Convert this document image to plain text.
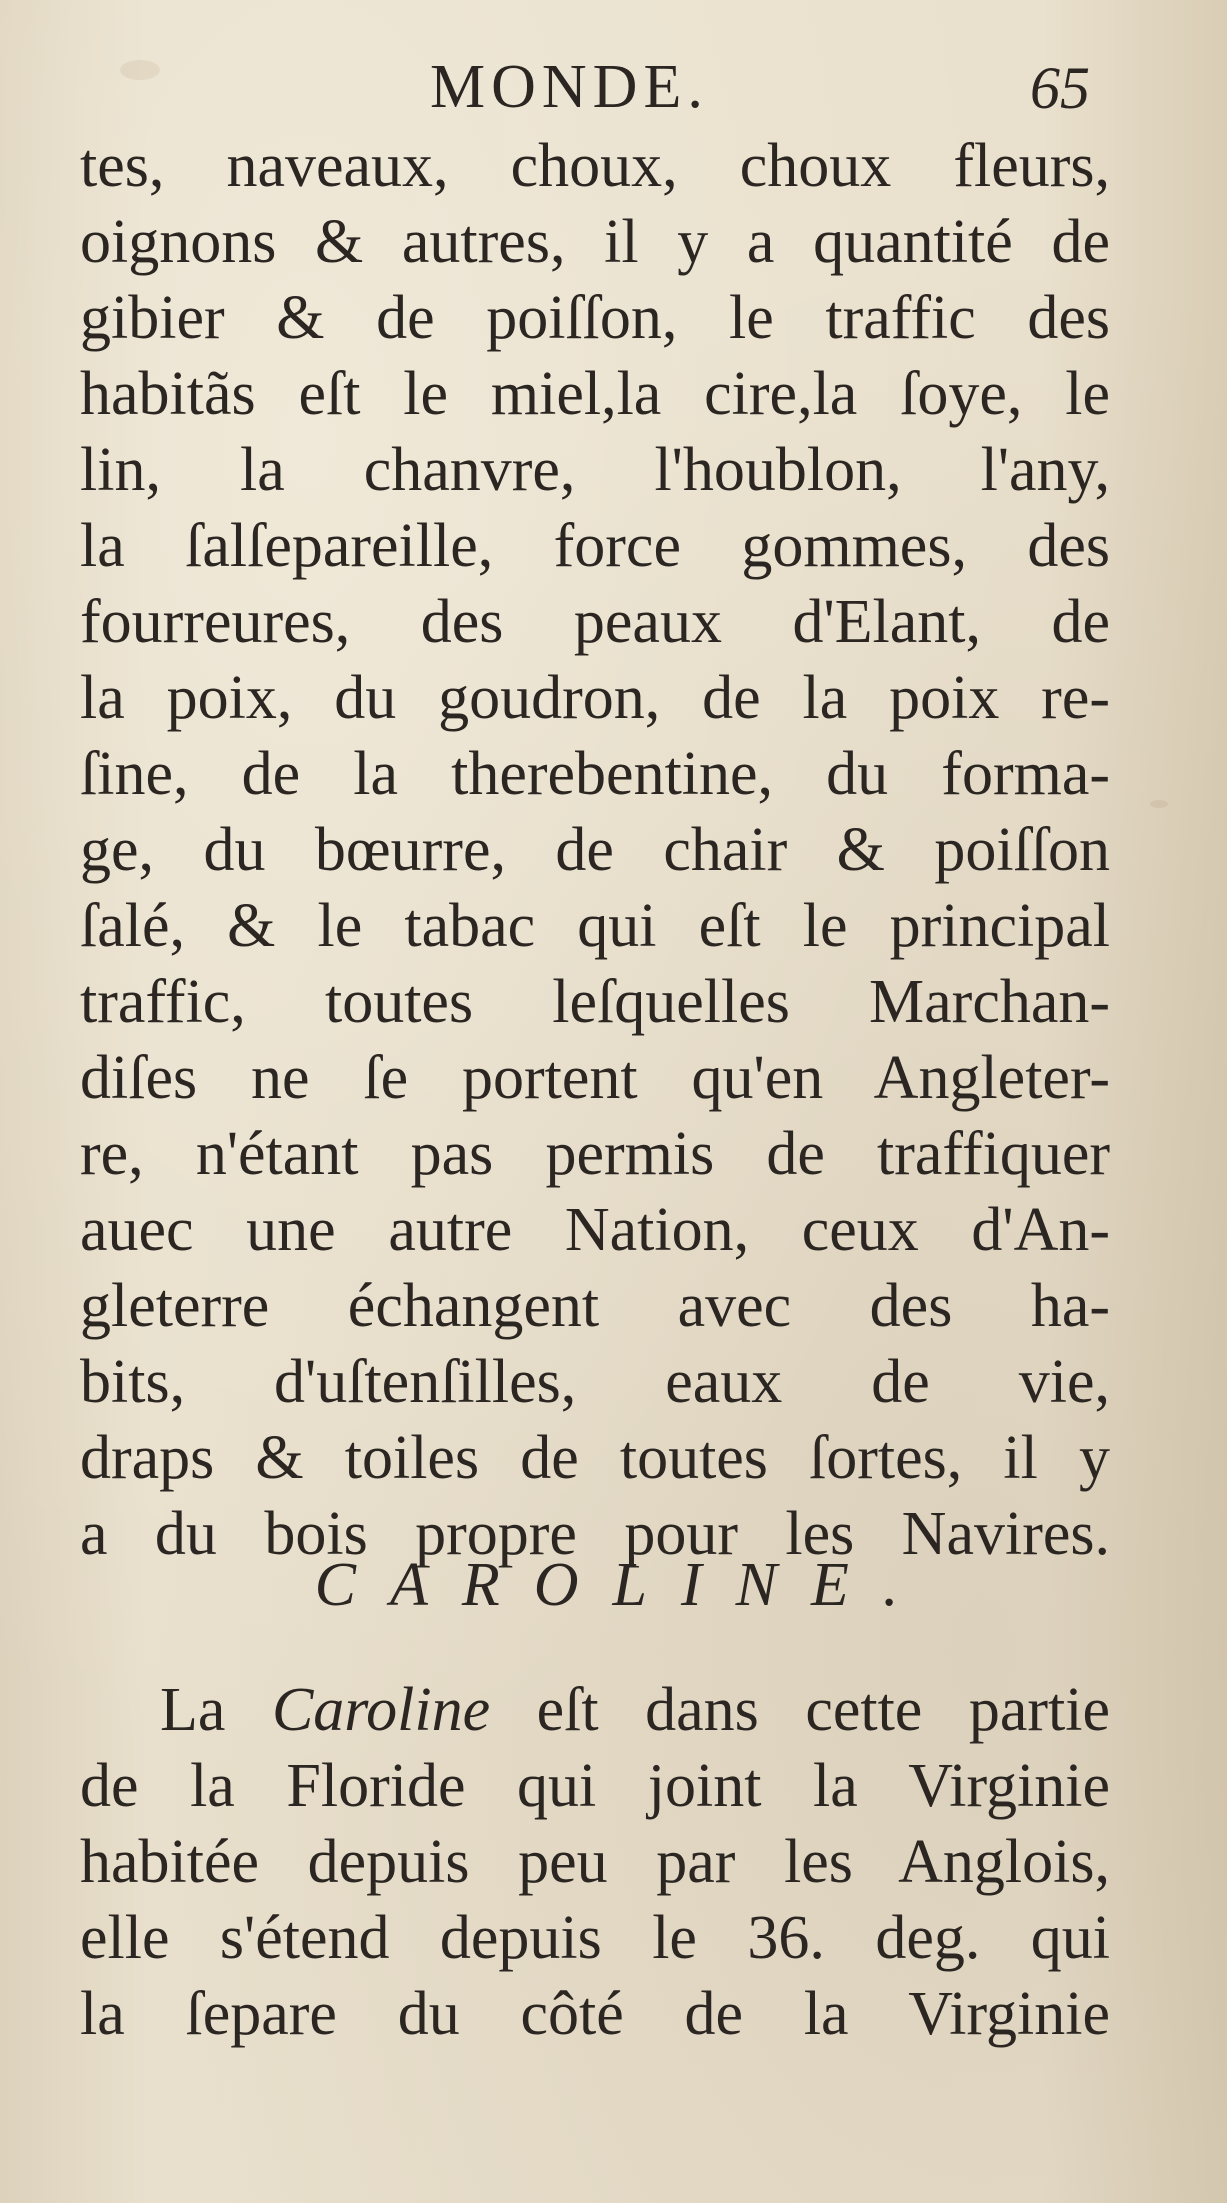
MONDE.	65
tes, naveaux, choux, choux fleurs,
oignons & autres, il y a quantité de
gibier & de poiſſon, le traffic des
habitãs eſt le miel,la cire,la ſoye, le
lin, la chanvre, l'houblon, l'any,
la ſalſepareille, force gommes, des
fourreures, des peaux d'Elant, de
la poix, du goudron, de la poix re-
ſine, de la therebentine, du forma-
ge, du bœurre, de chair & poiſſon
ſalé, & le tabac qui eſt le principal
traffic, toutes leſquelles Marchan-
diſes ne ſe portent qu'en Angleter-
re, n'étant pas permis de traffiquer
auec une autre Nation, ceux d'An-
gleterre échangent avec des ha-
bits, d'uſtenſilles, eaux de vie,
draps & toiles de toutes ſortes, il y
a du bois propre pour les Navires.
CAROLINE.
La Caroline eſt dans cette partie
de la Floride qui joint la Virginie
habitée depuis peu par les Anglois,
elle s'étend depuis le 36. deg. qui
la ſepare du côté de la Virginie
